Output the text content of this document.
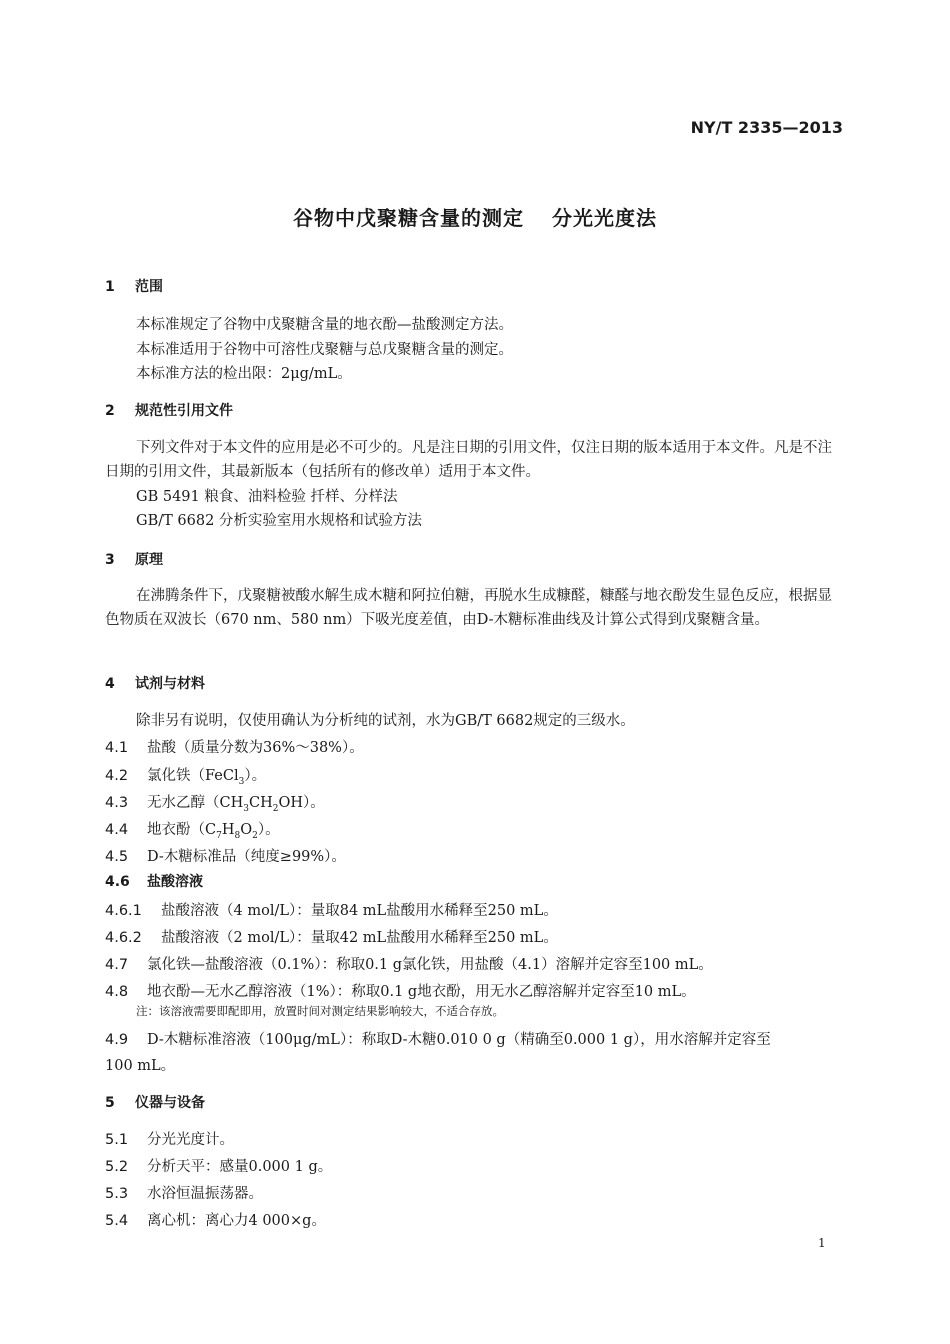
NY/T 2335—2013
谷物中戊聚糖含量的测定 分光光度法
1 范围
本标准规定了谷物中戊聚糖含量的地衣酚—盐酸测定方法。
本标准适用于谷物中可溶性戊聚糖与总戊聚糖含量的测定。
本标准方法的检出限：2μg/mL。
2 规范性引用文件
下列文件对于本文件的应用是必不可少的。凡是注日期的引用文件，仅注日期的版本适用于本文件。凡是不注日期的引用文件，其最新版本（包括所有的修改单）适用于本文件。
GB 5491 粮食、油料检验 扦样、分样法
GB/T 6682 分析实验室用水规格和试验方法
3 原理
在沸腾条件下，戊聚糖被酸水解生成木糖和阿拉伯糖，再脱水生成糠醛，糠醛与地衣酚发生显色反应，根据显色物质在双波长（670 nm、580 nm）下吸光度差值，由D-木糖标准曲线及计算公式得到戊聚糖含量。
4 试剂与材料
除非另有说明，仅使用确认为分析纯的试剂，水为GB/T 6682规定的三级水。
4.1 盐酸（质量分数为36%～38%）。
4.2 氯化铁（FeCl$_3$）。
4.3 无水乙醇$(CH_3CH_2OH)$。
4.4 地衣酚$(C_7H_8O_2)$。
4.5 D-木糖标准品（纯度≥99%）。
4.6 盐酸溶液
4.6.1 盐酸溶液（4 mol/L）：量取84 mL盐酸用水稀释至250 mL。
4.6.2 盐酸溶液（2 mol/L）：量取42 mL盐酸用水稀释至250 mL。
4.7 氯化铁—盐酸溶液（0.1%）：称取0.1 g氯化铁，用盐酸（4.1）溶解并定容至100 mL。
4.8 地衣酚—无水乙醇溶液（1%）：称取0.1 g地衣酚，用无水乙醇溶解并定容至10 mL。
注：该溶液需要即配即用，放置时间对测定结果影响较大，不适合存放。
4.9 D-木糖标准溶液（100μg/mL）：称取D-木糖0.010 0 g（精确至0.000 1 g），用水溶解并定容至
100 mL。
5 仪器与设备
5.1 分光光度计。
5.2 分析天平：感量0.000 1 g。
5.3 水浴恒温振荡器。
5.4 离心机：离心力4 000×g。
1
